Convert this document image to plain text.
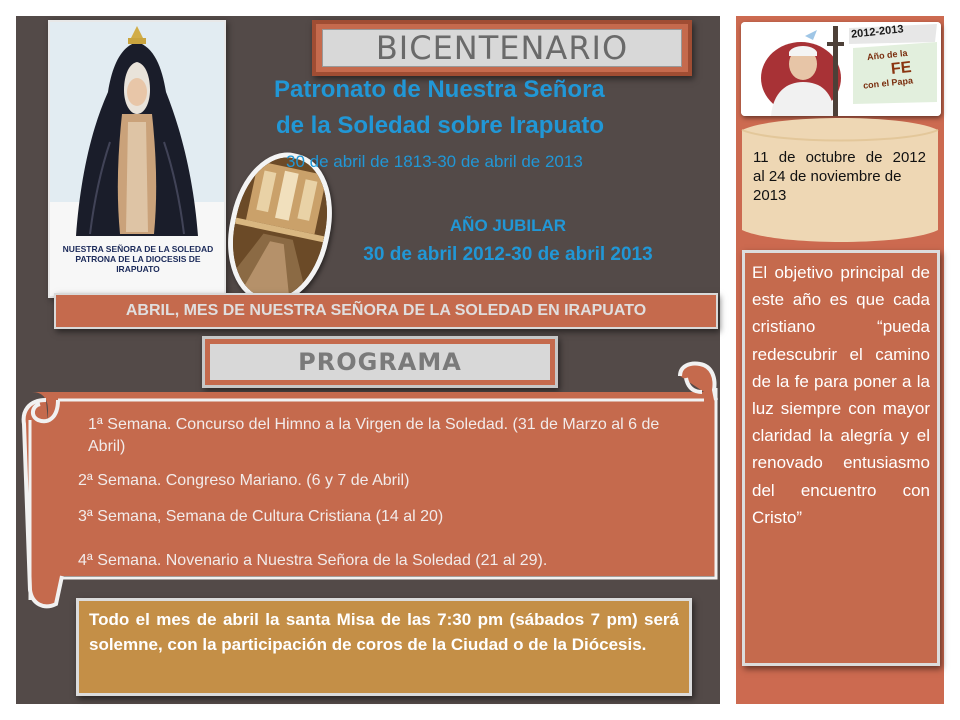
NUESTRA SEÑORA DE LA SOLEDAD
PATRONA DE LA DIOCESIS DE IRAPUATO
BICENTENARIO
Patronato de Nuestra Señora
de la Soledad sobre Irapuato
30 de abril de 1813-30 de abril de 2013
AÑO JUBILAR
30 de abril 2012-30 de abril 2013
ABRIL, MES DE NUESTRA SEÑORA DE LA SOLEDAD EN IRAPUATO
PROGRAMA
1ª Semana. Concurso del Himno a la Virgen de la Soledad. (31 de Marzo al 6 de Abril)
2ª Semana. Congreso Mariano. (6 y 7 de Abril)
3ª Semana, Semana de Cultura Cristiana (14 al 20)
4ª Semana. Novenario a Nuestra Señora de la Soledad (21 al 29).
Todo el mes de abril la santa Misa de las 7:30 pm (sábados 7 pm) será solemne, con la participación de coros de la Ciudad o de la Diócesis.
2012-2013
Año de la
FE
con el Papa
11 de octubre de 2012
al 24 de noviembre de 2013
El objetivo principal de este año es que cada cristiano “pueda redescubrir el camino de la fe para poner a la luz siempre con mayor claridad la alegría y el renovado entusiasmo del encuentro con Cristo”
